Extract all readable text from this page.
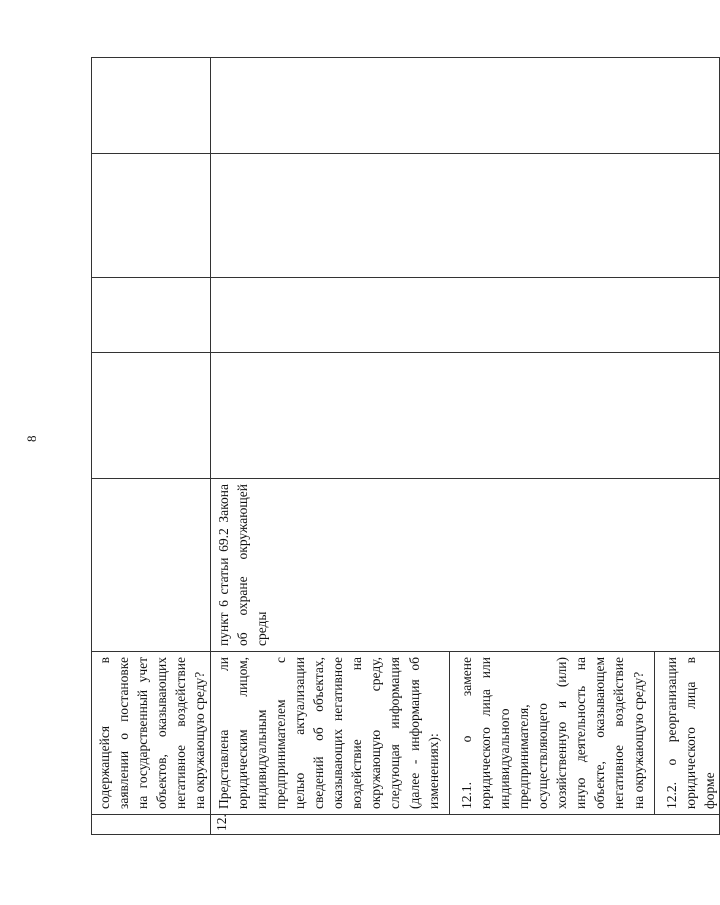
8

	содержащейся в заявлении о постановке на государственный учет объектов, оказывающих негативное воздействие на окружающую среду?					

12.	Представлена ли юридическим лицом, индивидуальным предпринимателем с целью актуализации сведений об объектах, оказывающих негативное воздействие на окружающую среду, следующая информация (далее - информация об изменениях): 12.1. о замене юридического лица или индивидуального предпринимателя, осуществляющего хозяйственную и (или) иную деятельность на объекте, оказывающем негативное воздействие на окружающую среду? 12.2. о реорганизации юридического лица в форме	пункт 6 статьи 69.2 Закона об охране окружающей среды				
